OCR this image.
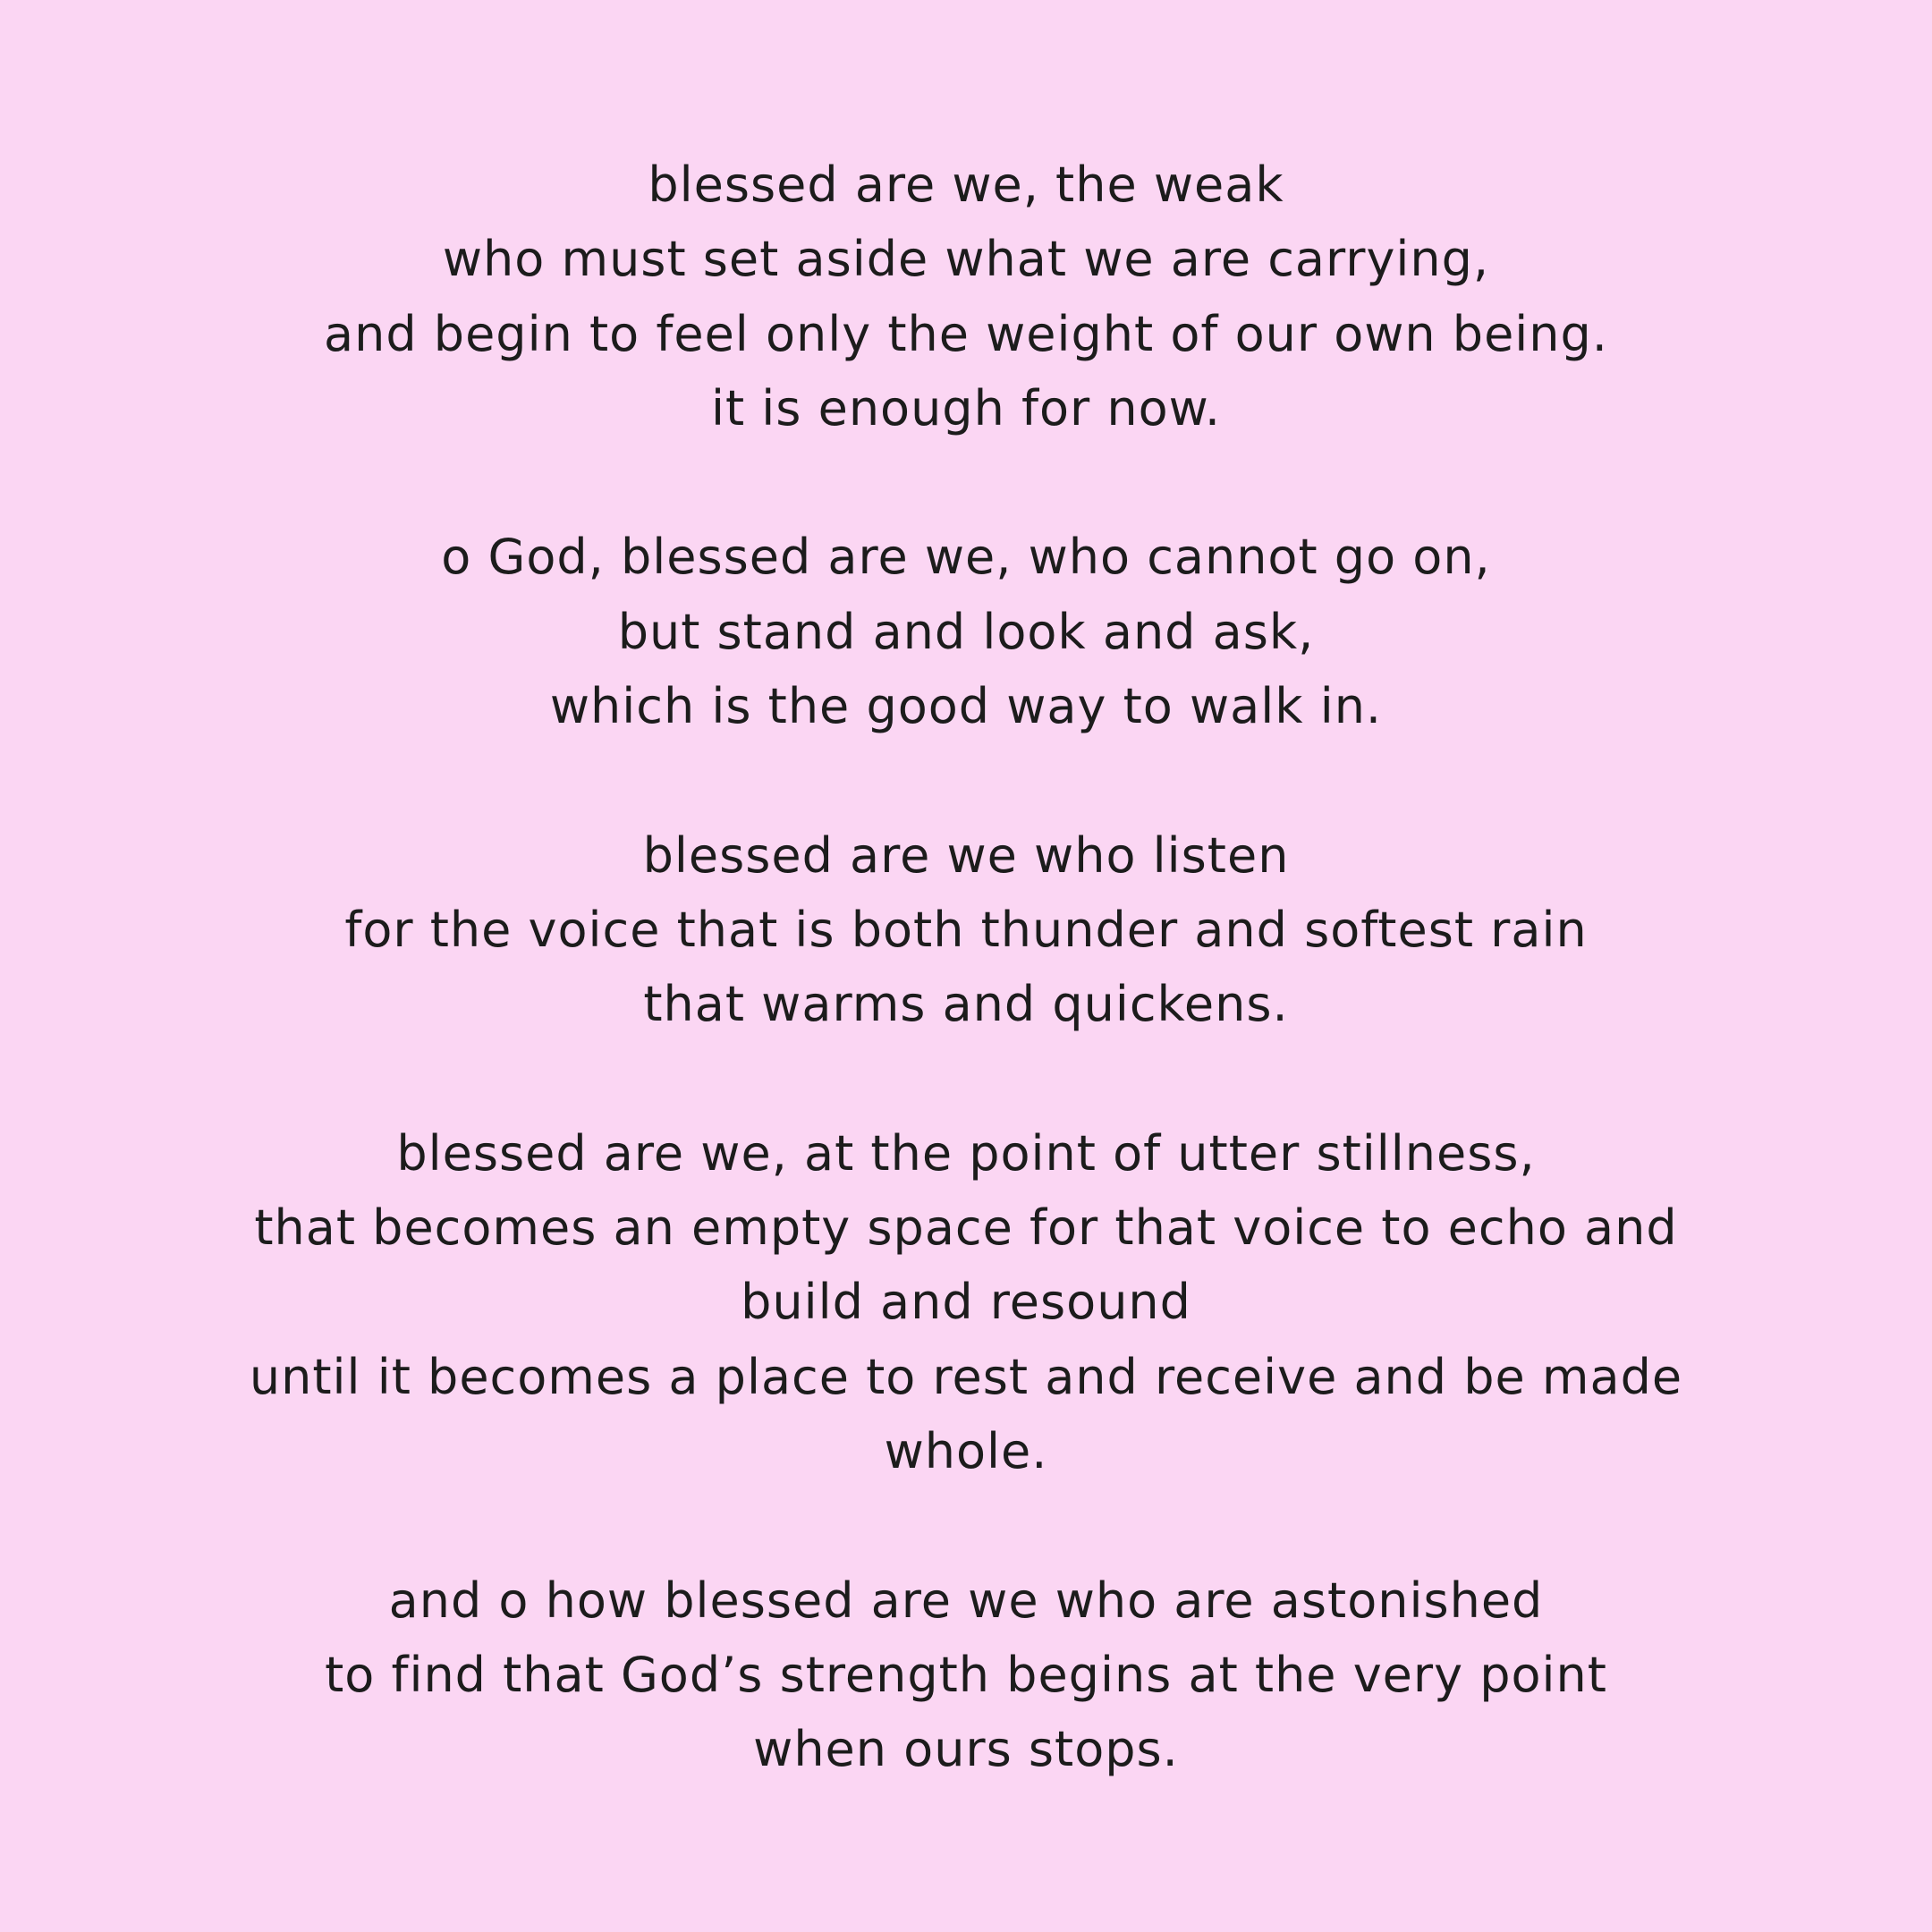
blessed are we, the weak
who must set aside what we are carrying,
and begin to feel only the weight of our own being.
it is enough for now.

o God, blessed are we, who cannot go on,
but stand and look and ask,
which is the good way to walk in.

blessed are we who listen
for the voice that is both thunder and softest rain
that warms and quickens.

blessed are we, at the point of utter stillness,
that becomes an empty space for that voice to echo and
build and resound
until it becomes a place to rest and receive and be made
whole.

and o how blessed are we who are astonished
to find that God’s strength begins at the very point
when ours stops.
